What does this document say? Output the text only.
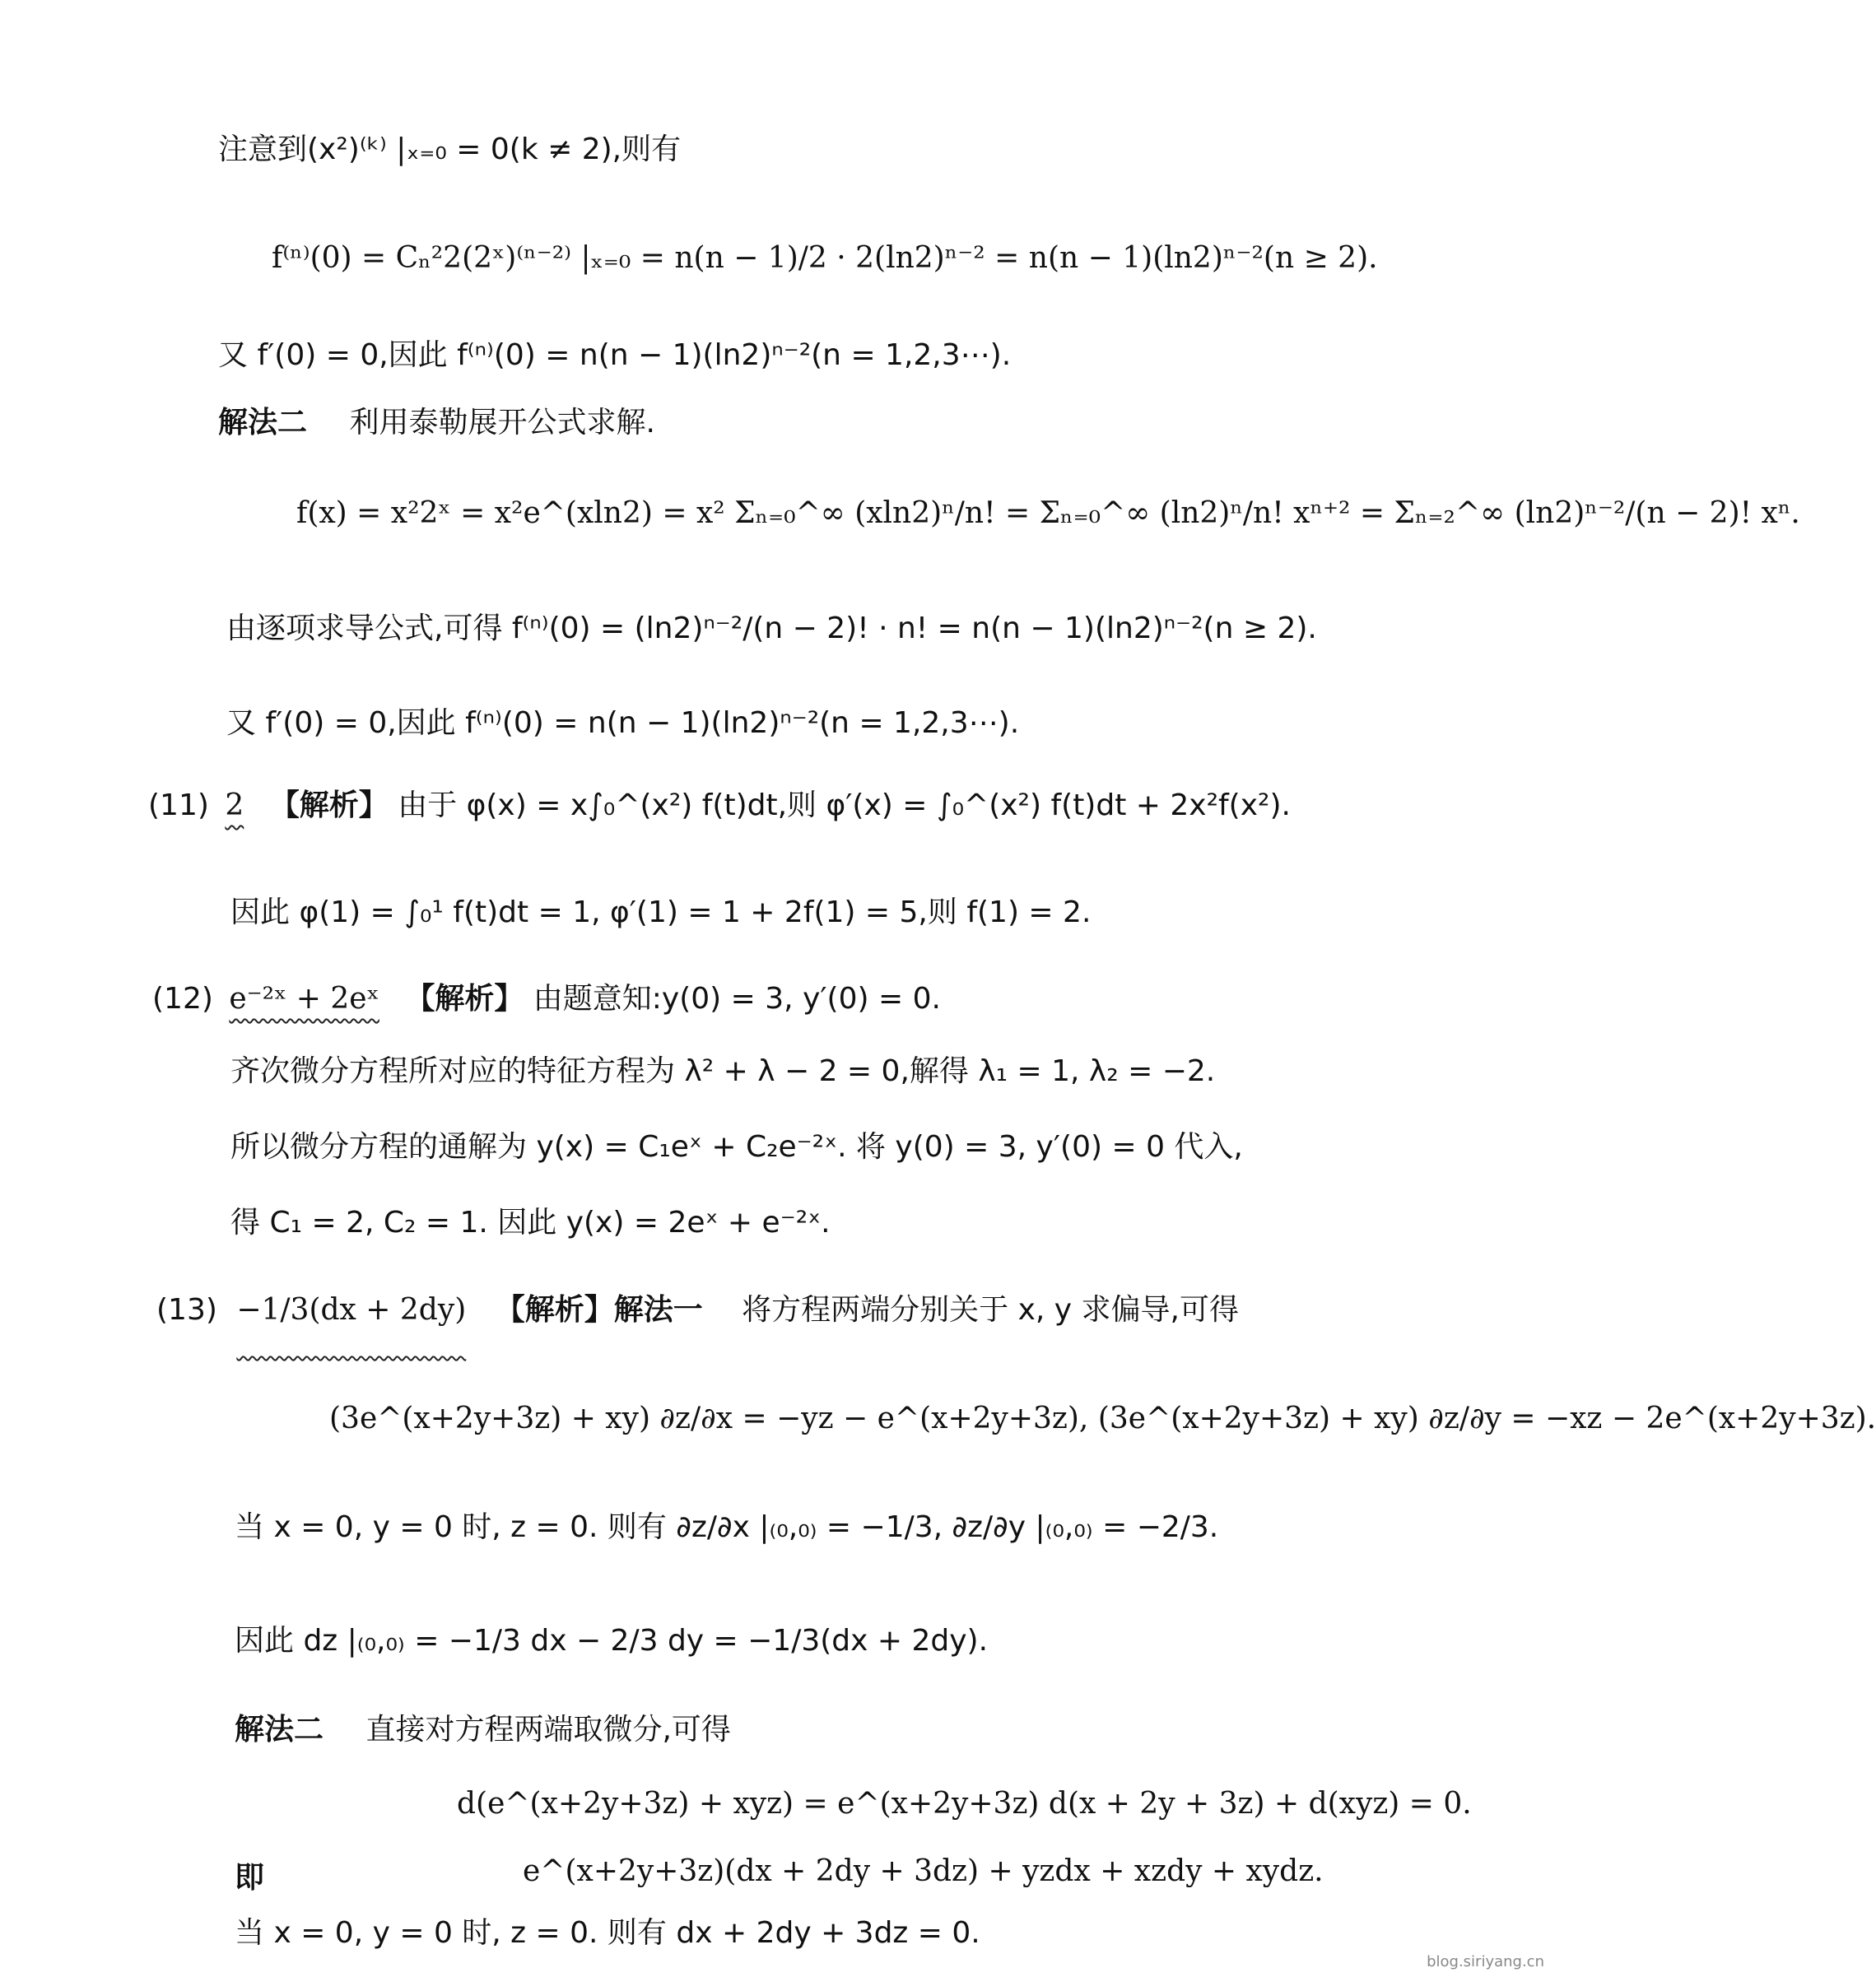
注意到(x²)⁽ᵏ⁾ |ₓ₌₀ = 0(k ≠ 2),则有
f⁽ⁿ⁾(0) = Cₙ²2(2ˣ)⁽ⁿ⁻²⁾ |ₓ₌₀ = n(n − 1)/2 · 2(ln2)ⁿ⁻² = n(n − 1)(ln2)ⁿ⁻²(n ≥ 2).
又 f′(0) = 0,因此 f⁽ⁿ⁾(0) = n(n − 1)(ln2)ⁿ⁻²(n = 1,2,3⋯).
解法二 利用泰勒展开公式求解.
f(x) = x²2ˣ = x²e^(xln2) = x² Σₙ₌₀^∞ (xln2)ⁿ/n! = Σₙ₌₀^∞ (ln2)ⁿ/n! xⁿ⁺² = Σₙ₌₂^∞ (ln2)ⁿ⁻²/(n − 2)! xⁿ.
由逐项求导公式,可得 f⁽ⁿ⁾(0) = (ln2)ⁿ⁻²/(n − 2)! · n! = n(n − 1)(ln2)ⁿ⁻²(n ≥ 2).
又 f′(0) = 0,因此 f⁽ⁿ⁾(0) = n(n − 1)(ln2)ⁿ⁻²(n = 1,2,3⋯).
(11) 2 【解析】 由于 φ(x) = x∫₀^(x²) f(t)dt,则 φ′(x) = ∫₀^(x²) f(t)dt + 2x²f(x²).
因此 φ(1) = ∫₀¹ f(t)dt = 1, φ′(1) = 1 + 2f(1) = 5,则 f(1) = 2.
(12) e⁻²ˣ + 2eˣ 【解析】 由题意知:y(0) = 3, y′(0) = 0.
齐次微分方程所对应的特征方程为 λ² + λ − 2 = 0,解得 λ₁ = 1, λ₂ = −2.
所以微分方程的通解为 y(x) = C₁eˣ + C₂e⁻²ˣ. 将 y(0) = 3, y′(0) = 0 代入,
得 C₁ = 2, C₂ = 1. 因此 y(x) = 2eˣ + e⁻²ˣ.
(13) −1/3(dx + 2dy) 【解析】解法一 将方程两端分别关于 x, y 求偏导,可得
(3e^(x+2y+3z) + xy) ∂z/∂x = −yz − e^(x+2y+3z), (3e^(x+2y+3z) + xy) ∂z/∂y = −xz − 2e^(x+2y+3z).
当 x = 0, y = 0 时, z = 0. 则有 ∂z/∂x |₍₀,₀₎ = −1/3, ∂z/∂y |₍₀,₀₎ = −2/3.
因此 dz |₍₀,₀₎ = −1/3 dx − 2/3 dy = −1/3(dx + 2dy).
解法二 直接对方程两端取微分,可得
d(e^(x+2y+3z) + xyz) = e^(x+2y+3z) d(x + 2y + 3z) + d(xyz) = 0.
即	e^(x+2y+3z)(dx + 2dy + 3dz) + yzdx + xzdy + xydz.
当 x = 0, y = 0 时, z = 0. 则有 dx + 2dy + 3dz = 0.
blog.siriyang.cn
